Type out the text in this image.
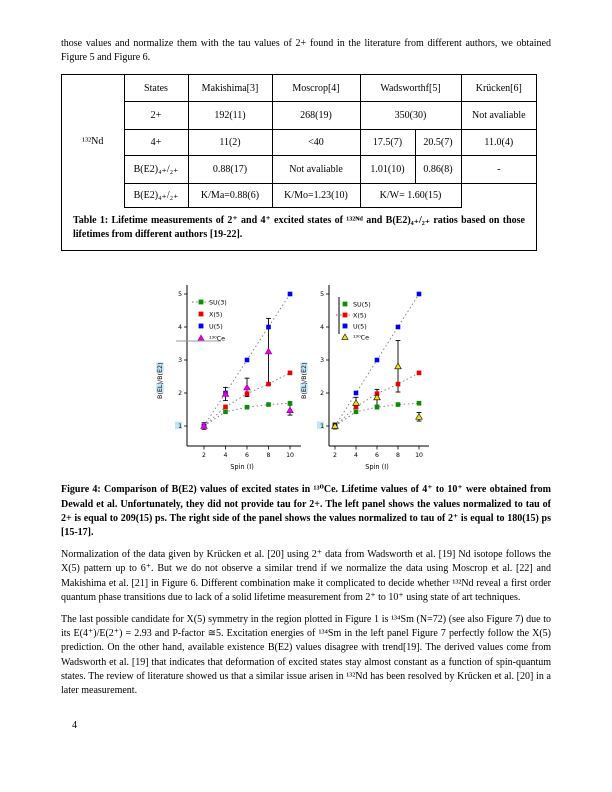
those values and normalize them with the tau values of 2+ found in the literature from different authors, we obtained Figure 5 and Figure 6.

¹³²Nd	States	Makishima[3]	Moscrop[4]	Wadsworthf[5]		Krücken[6]
	2+	192(11)	268(19)	350(30)		Not avaliable
	4+	11(2)	<40	17.5(7)	20.5(7)	11.0(4)
	B(E2)₄₊/₂₊	0.88(17)	Not avaliable	1.01(10)	0.86(8)	-
	B(E2)₄₊/₂₊	K/Ma=0.88(6)	K/Mo=1.23(10)	K/W= 1.60(15)		
Table 1: Lifetime measurements of 2⁺ and 4⁺ excited states of ¹³²ᴺᵈ and B(E2)₄₊/₂₊ ratios based on those lifetimes from different authors [19-22].
1
2
3
4
5
2	4	6	8	10
Spin (I)
B(EL)/B(E2)
SU(3)
X(5)
U(5)
¹³⁰Ce
1
2
3
4
5
2	4	6	8 10
Spin (I)
B(EL)/B(E2)
SU(5)
X(5)
U(5)
¹³⁰Ce

Figure 4: Comparison of B(E2) values of excited states in ¹³⁰Ce. Lifetime values of 4⁺ to 10⁺ were obtained from Dewald et al. Unfortunately, they did not provide tau for 2+. The left panel shows the values normalized to tau of 2+ is equal to 209(15) ps. The right side of the panel shows the values normalized to tau of 2⁺ is equal to 180(15) ps [15-17].

Normalization of the data given by Krücken et al. [20] using 2⁺ data from Wadsworth et al. [19] Nd isotope follows the X(5) pattern up to 6⁺. But we do not observe a similar trend if we normalize the data using Moscrop et al. [22] and Makishima et al. [21] in Figure 6. Different combination make it complicated to decide whether ¹³²Nd reveal a first order quantum phase transitions due to lack of a solid lifetime measurement from 2⁺ to 10⁺ using state of art techniques.

The last possible candidate for X(5) symmetry in the region plotted in Figure 1 is ¹³⁴Sm (N=72) (see also Figure 7) due to its E(4⁺)/E(2⁺) = 2.93 and P-factor ≅5. Excitation energies of ¹³⁴Sm in the left panel Figure 7 perfectly follow the X(5) prediction. On the other hand, available existence B(E2) values disagree with trend[19]. The derived values come from Wadsworth et al. [19] that indicates that deformation of excited states stay almost constant as a function of spin-quantum states. The review of literature showed us that a similar issue arisen in ¹³²Nd has been resolved by Krücken et al. [20] in a later measurement.

4
